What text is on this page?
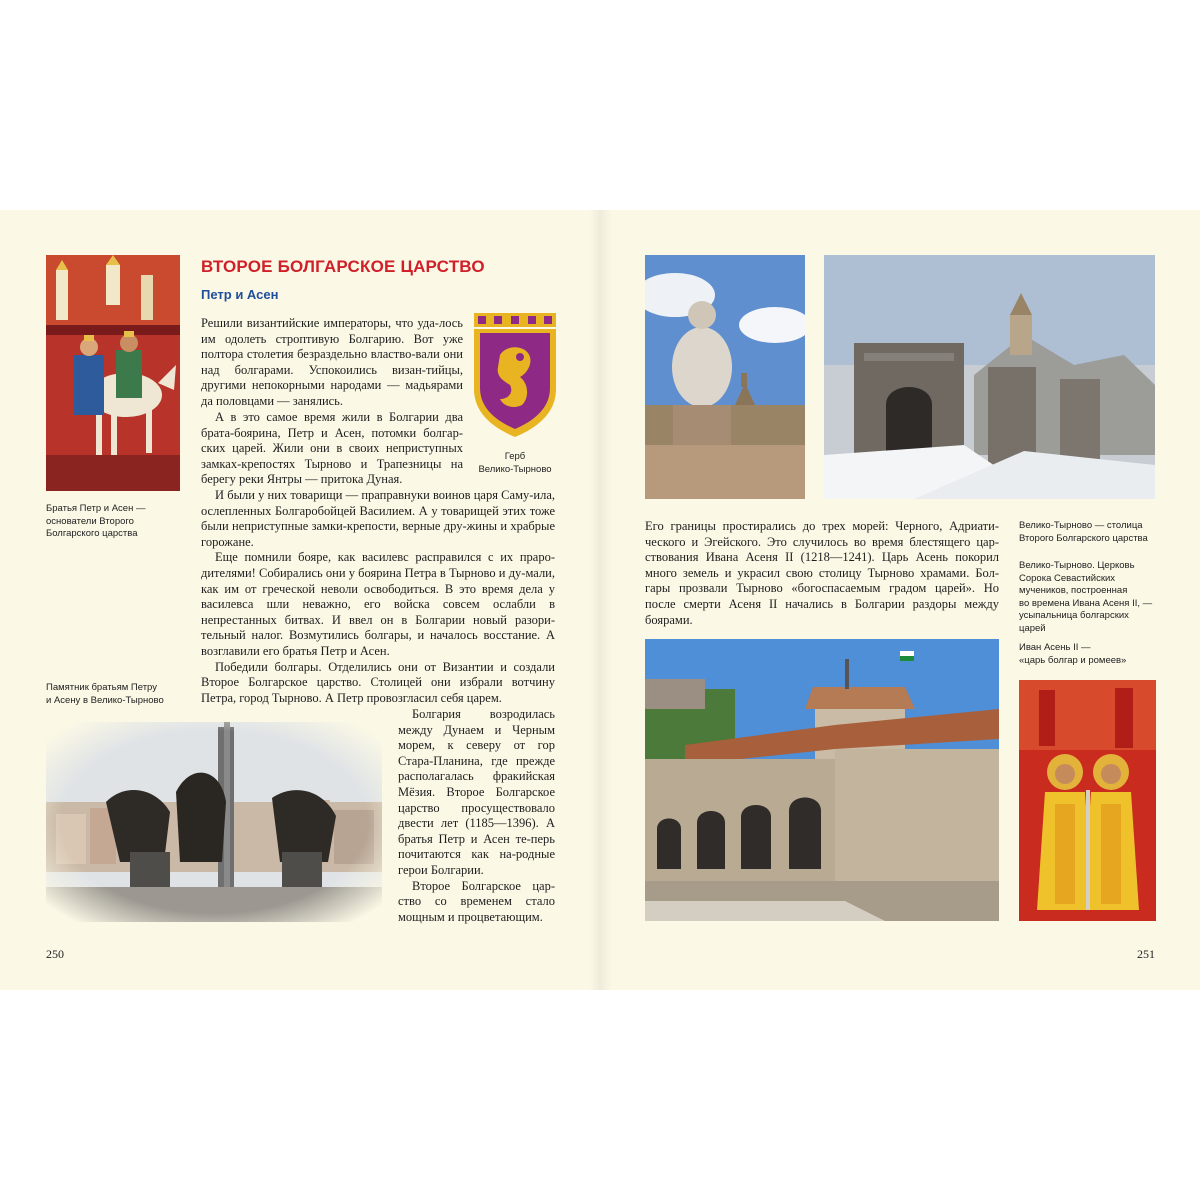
Братья Петр и Асен —
основатели Второго
Болгарского царства
ВТОРОЕ БОЛГАРСКОЕ ЦАРСТВО
Петр и Асен
Герб
Велико-Тырново

Решили византийские императоры, что уда-лось им одолеть строптивую Болгарию. Вот уже полтора столетия безраздельно властво-вали они над болгарами. Успокоились визан-тийцы, другими непокорными народами — мадьярами да половцами — занялись.

А в это самое время жили в Болгарии два брата-боярина, Петр и Асен, потомки болгар-ских царей. Жили они в своих неприступных замках-крепостях Тырново и Трапезницы на берегу реки Янтры — притока Дуная.

И были у них товарищи — праправнуки воинов царя Саму-ила, ослепленных Болгаробойцей Василием. А у товарищей этих тоже были неприступные замки-крепости, верные дру-жины и храбрые горожане.

Еще помнили бояре, как василевс расправился с их праро-дителями! Собирались они у боярина Петра в Тырново и ду-мали, как им от греческой неволи освободиться. В это время дела у василевса шли неважно, его войска совсем ослабли в непрестанных битвах. И ввел он в Болгарии новый разори-тельный налог. Возмутились болгары, и началось восстание. А возглавили его братья Петр и Асен.

Победили болгары. Отделились они от Византии и создали Второе Болгарское царство. Столицей они избрали вотчину Петра, город Тырново. А Петр провозгласил себя царем.

Болгария возродилась между Дунаем и Черным морем, к северу от гор Стара-Планина, где прежде располагалась фракийская Мёзия. Второе Болгарское царство просуществовало двести лет (1185—1396). А братья Петр и Асен те-перь почитаются как на-родные герои Болгарии.

Второе Болгарское цар-ство со временем стало мощным и процветающим.

Памятник братьям Петру
и Асену в Велико-Тырново
250

Его границы простирались до трех морей: Черного, Адриати-ческого и Эгейского. Это случилось во время блестящего цар-ствования Ивана Асеня II (1218—1241). Царь Асень покорил много земель и украсил свою столицу Тырново храмами. Бол-гары прозвали Тырново «богоспасаемым градом царей». Но после смерти Асеня II начались в Болгарии раздоры между боярами.

Велико-Тырново — столица
Второго Болгарского царства
Велико-Тырново. Церковь
Сорока Севастийских
мучеников, построенная
во времена Ивана Асеня II, —
усыпальница болгарских
царей
Иван Асень II —
«царь болгар и ромеев»
251
